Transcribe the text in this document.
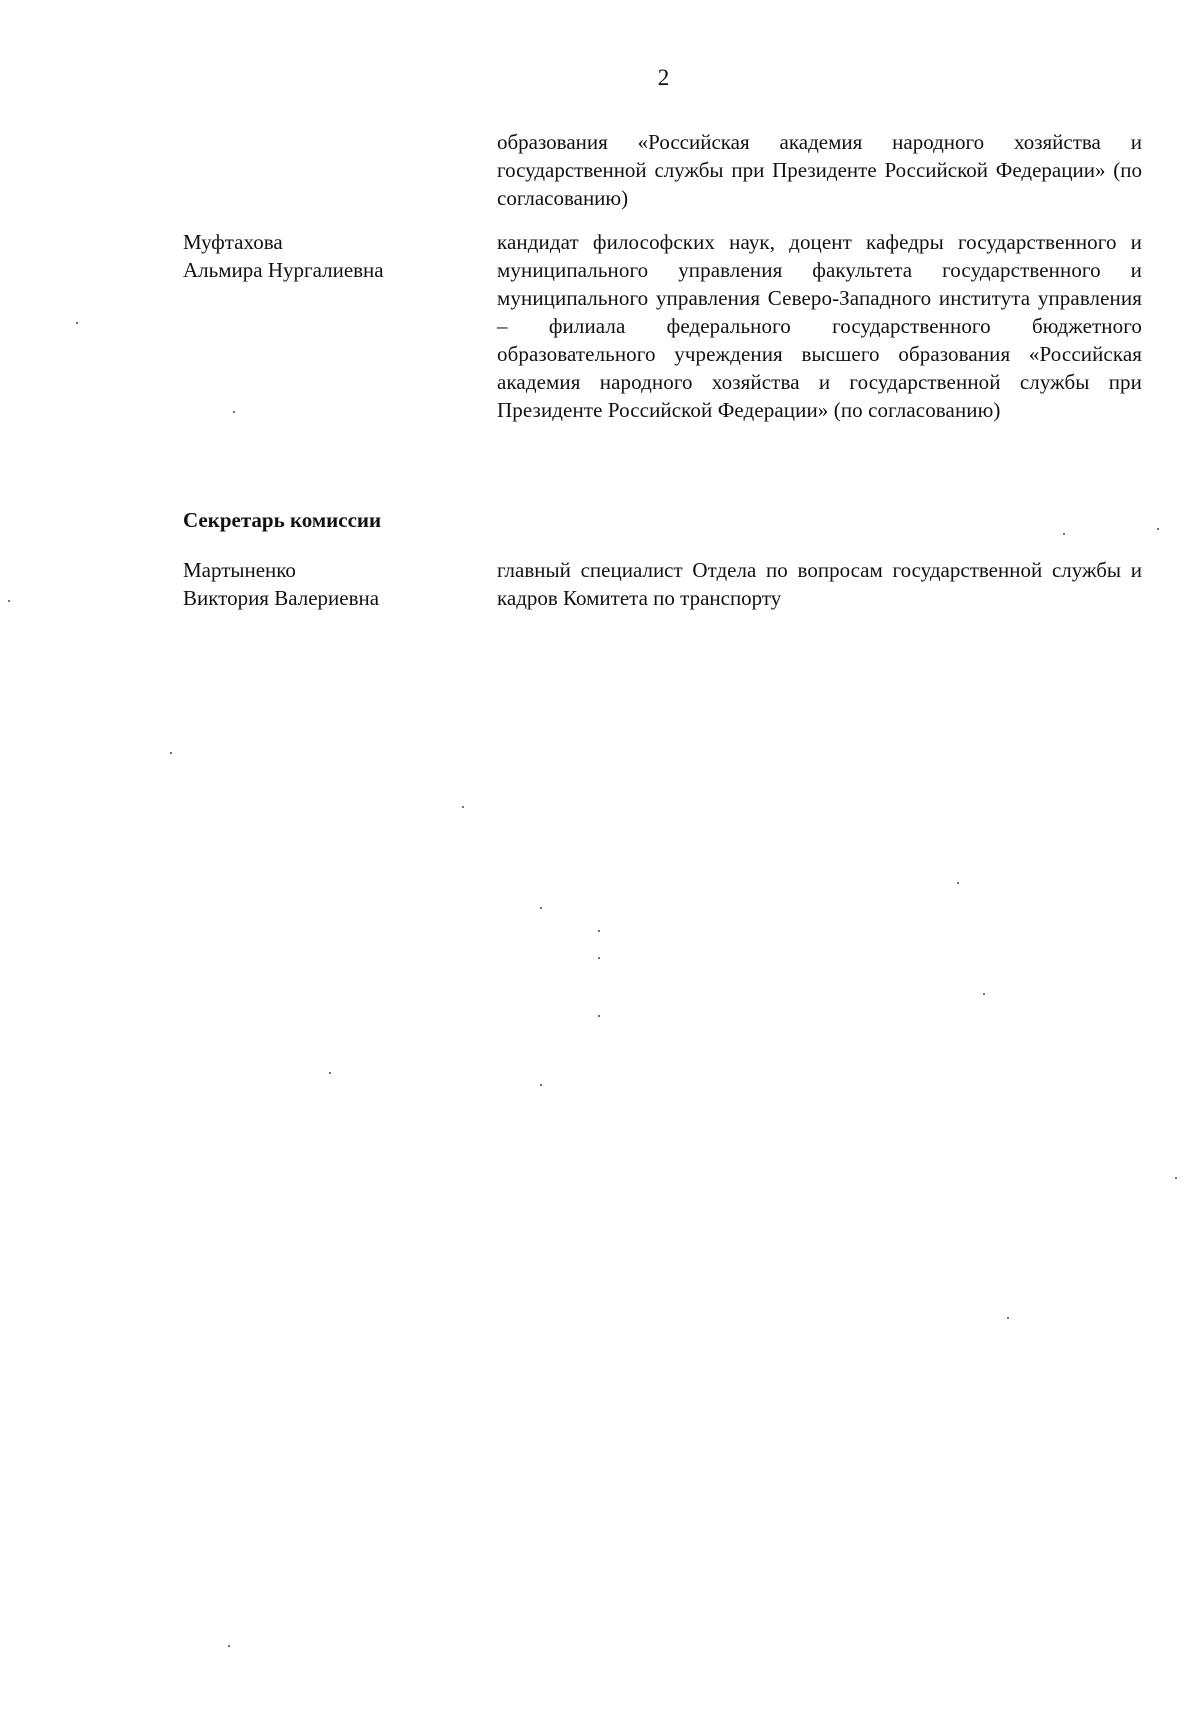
2
образования «Российская академия народного хозяйства и государственной службы при Президенте Российской Федерации» (по согласованию)
Муфтахова
Альмира Нургалиевна
кандидат философских наук, доцент кафедры государственного и муниципального управления факультета государственного и муниципального управления Северо-Западного института управления – филиала федерального государственного бюджетного образовательного учреждения высшего образования «Российская академия народного хозяйства и государственной службы при Президенте Российской Федерации» (по согласованию)
Секретарь комиссии
Мартыненко
Виктория Валериевна
главный специалист Отдела по вопросам государственной службы и кадров Комитета по транспорту
